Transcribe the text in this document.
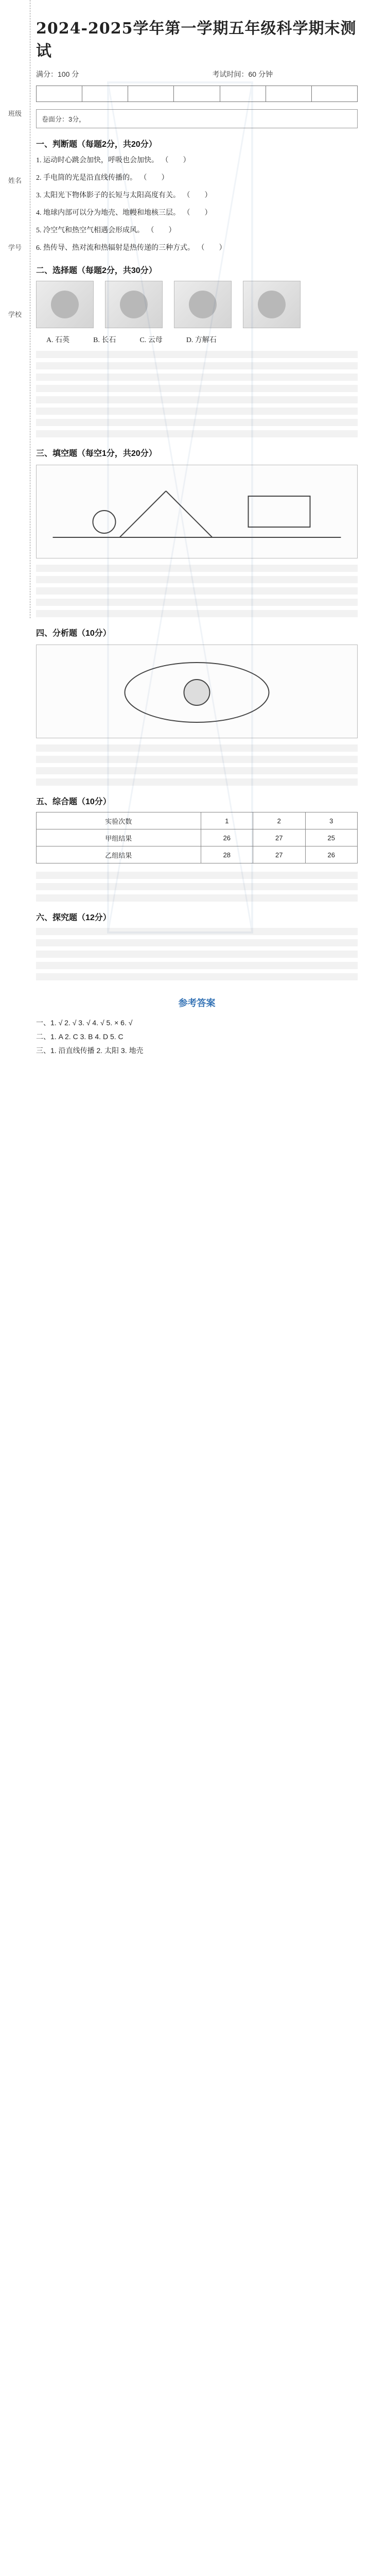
班级
姓名
学号
学校
2024-2025学年第一学期五年级科学期末测试
满分：100 分	考试时间：60 分钟

卷面分：3分，
一、判断题（每题2分，共20分）

1. 运动时心跳会加快，呼吸也会加快。 （　　）

2. 手电筒的光是沿直线传播的。 （　　）

3. 太阳光下物体影子的长短与太阳高度有关。 （　　）

4. 地球内部可以分为地壳、地幔和地核三层。 （　　）

5. 冷空气和热空气相遇会形成风。 （　　）

6. 热传导、热对流和热辐射是热传递的三种方式。 （　　）

二、选择题（每题2分，共30分）
A. 石英	B. 长石	C. 云母	D. 方解石
三、填空题（每空1分，共20分）
四、分析题（10分）
五、综合题（10分）
实验次数	1	2	3
甲组结果	26	27	25
乙组结果	28	27	26
六、探究题（12分）
参考答案
一、1. √ 2. √ 3. √ 4. √ 5. × 6. √
二、1. A 2. C 3. B 4. D 5. C
三、1. 沿直线传播 2. 太阳 3. 地壳
